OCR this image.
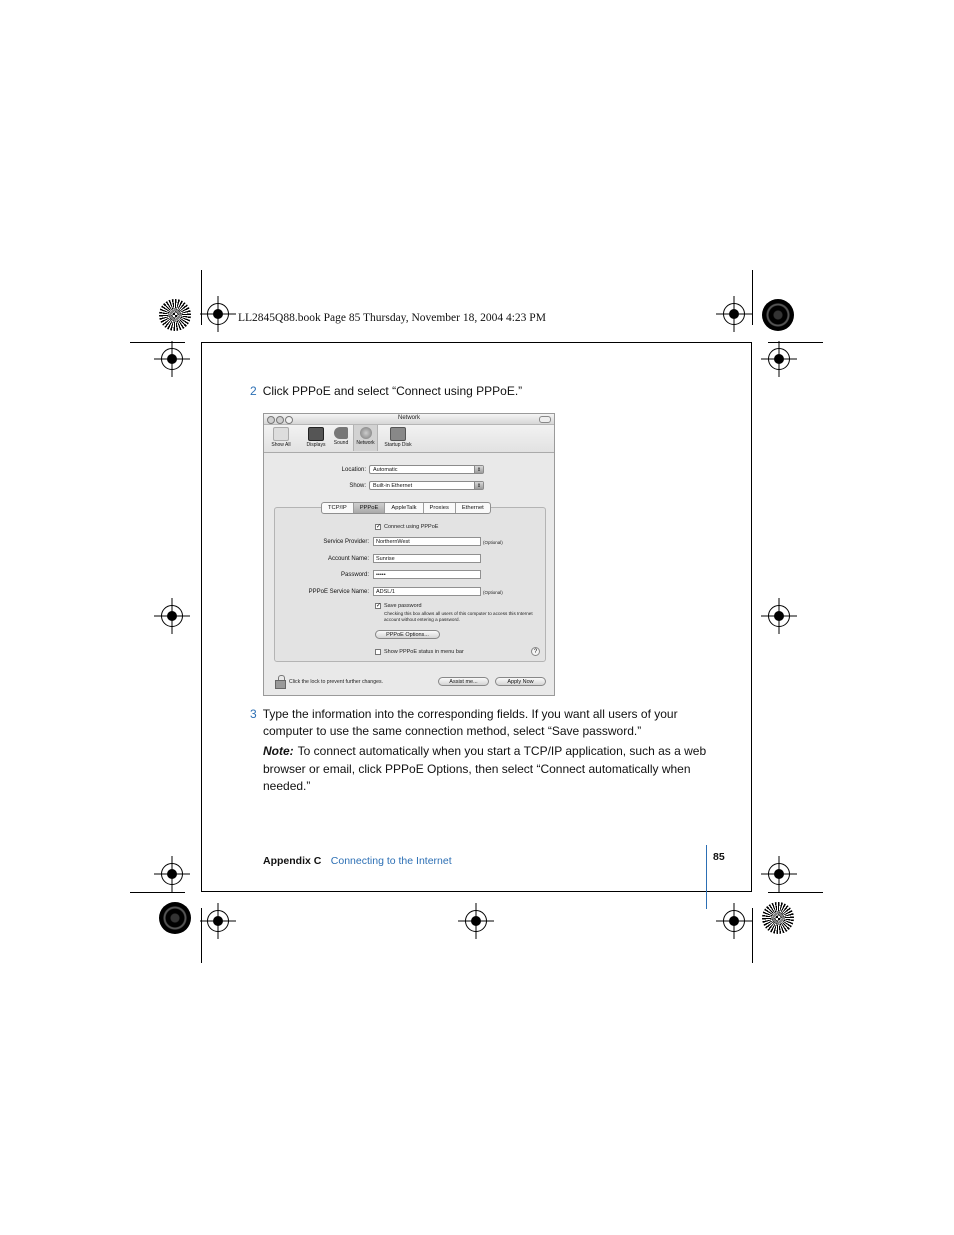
LL2845Q88.book Page 85 Thursday, November 18, 2004 4:23 PM
2 Click PPPoE and select “Connect using PPPoE.”
Network
Show All	Displays	Sound	Network	Startup Disk
Location:	Automatic	⇕
Show:	Built-in Ethernet	⇕
✓ Connect using PPPoE
Service Provider:	NorthernWest	(Optional)
Account Name:	Sunrise
Password:	•••••
PPPoE Service Name:	ADSL/1	(Optional)
✓ Save password
Checking this box allows all users of this computer to access this Internet account without entering a password.
PPPoE Options...
Show PPPoE status in menu bar	?
TCP/IP	PPPoE	AppleTalk	Proxies	Ethernet
Click the lock to prevent further changes.	Assist me...	Apply Now
3 Type the information into the corresponding fields. If you want all users of your
computer to use the same connection method, select “Save password.”
Note: To connect automatically when you start a TCP/IP application, such as a web
browser or email, click PPPoE Options, then select “Connect automatically when
needed.”
Appendix C Connecting to the Internet	85
